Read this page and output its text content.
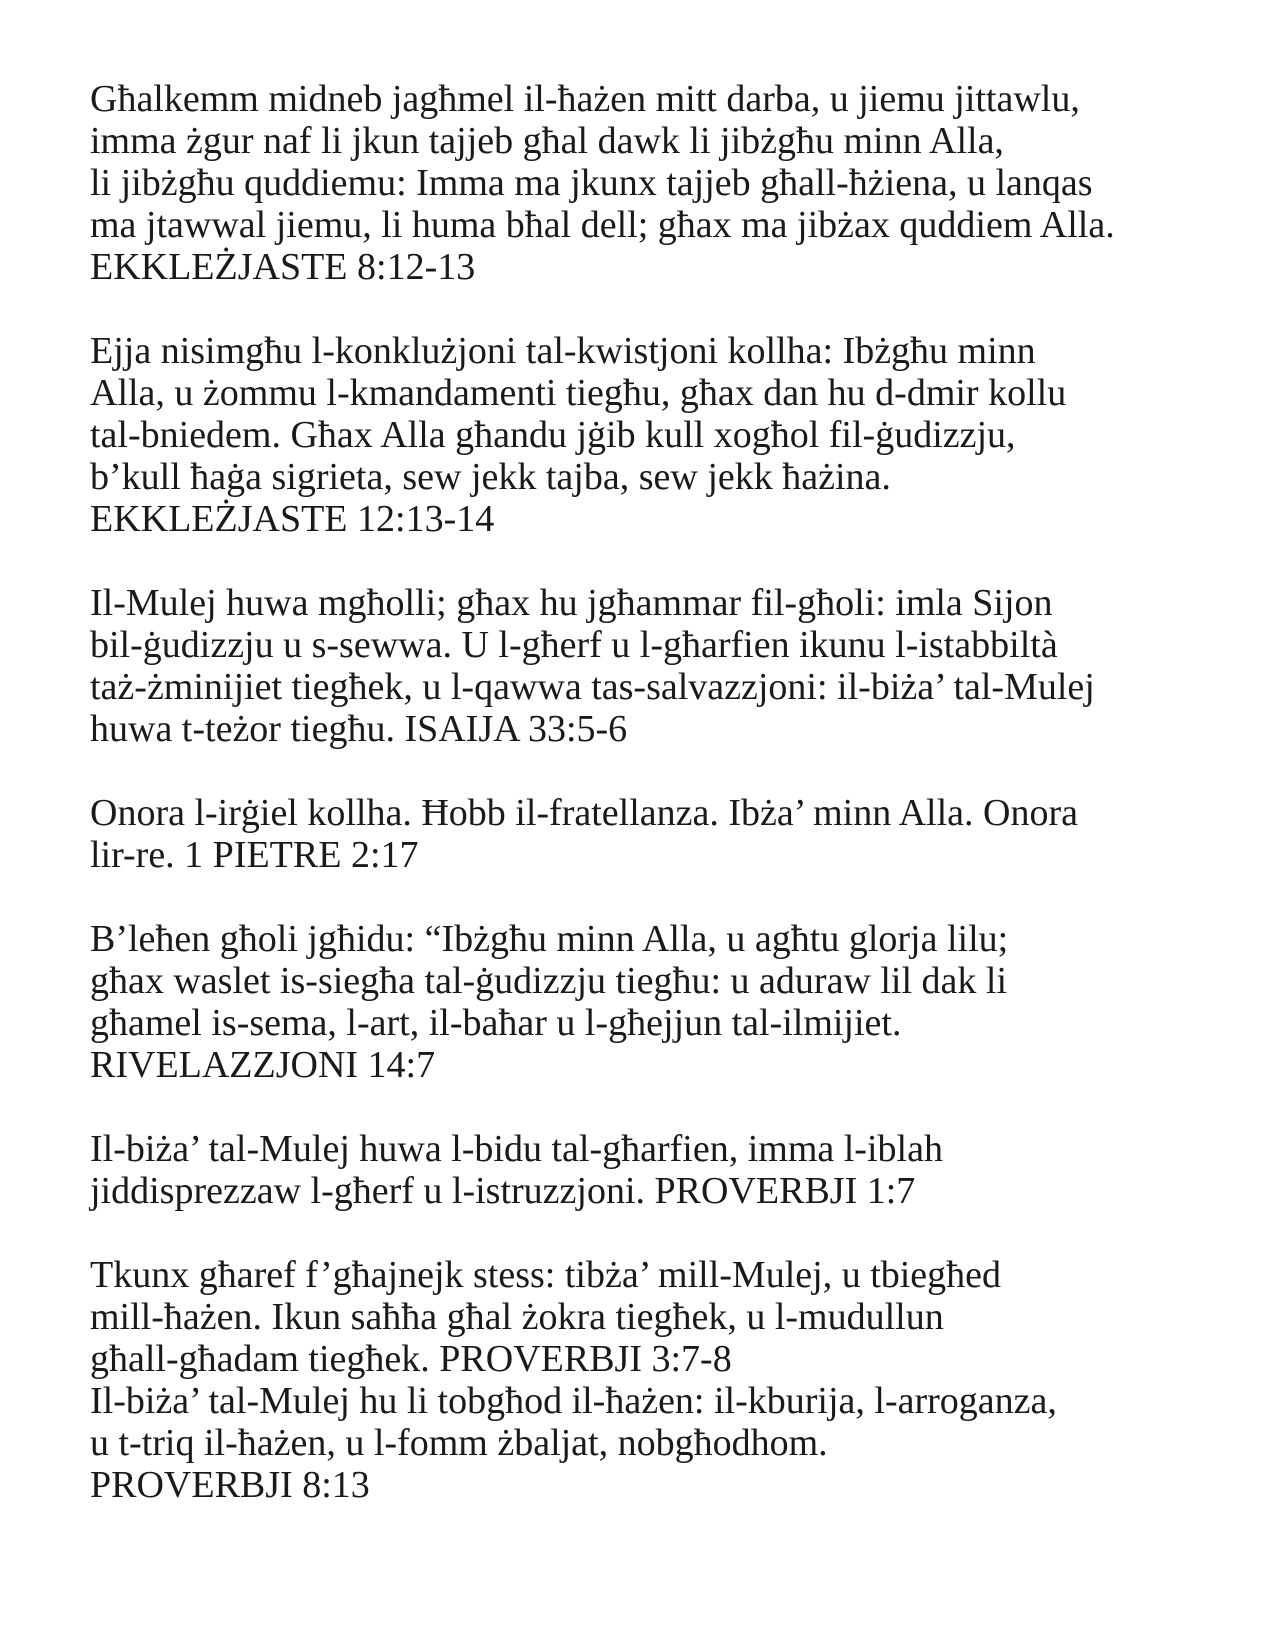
Għalkemm midneb jagħmel il-ħażen mitt darba, u jiemu jittawlu,
imma żgur naf li jkun tajjeb għal dawk li jibżgħu minn Alla,
li jibżgħu quddiemu: Imma ma jkunx tajjeb għall-ħżiena, u lanqas
ma jtawwal jiemu, li huma bħal dell; għax ma jibżax quddiem Alla.
EKKLEŻJASTE 8:12-13
Ejja nisimgħu l-konklużjoni tal-kwistjoni kollha: Ibżgħu minn
Alla, u żommu l-kmandamenti tiegħu, għax dan hu d-dmir kollu
tal-bniedem. Għax Alla għandu jġib kull xogħol fil-ġudizzju,
b’kull ħaġa sigrieta, sew jekk tajba, sew jekk ħażina.
EKKLEŻJASTE 12:13-14
Il-Mulej huwa mgħolli; għax hu jgħammar fil-għoli: imla Sijon
bil-ġudizzju u s-sewwa. U l-għerf u l-għarfien ikunu l-istabbiltà
taż-żminijiet tiegħek, u l-qawwa tas-salvazzjoni: il-biża’ tal-Mulej
huwa t-teżor tiegħu. ISAIJA 33:5-6
Onora l-irġiel kollha. Ħobb il-fratellanza. Ibża’ minn Alla. Onora
lir-re. 1 PIETRE 2:17
B’leħen għoli jgħidu: “Ibżgħu minn Alla, u agħtu glorja lilu;
għax waslet is-siegħa tal-ġudizzju tiegħu: u aduraw lil dak li
għamel is-sema, l-art, il-baħar u l-għejjun tal-ilmijiet.
RIVELAZZJONI 14:7
Il-biża’ tal-Mulej huwa l-bidu tal-għarfien, imma l-iblah
jiddisprezzaw l-għerf u l-istruzzjoni. PROVERBJI 1:7
Tkunx għaref f’għajnejk stess: tibża’ mill-Mulej, u tbiegħed
mill-ħażen. Ikun saħħa għal żokra tiegħek, u l-mudullun
għall-għadam tiegħek. PROVERBJI 3:7-8
Il-biża’ tal-Mulej hu li tobgħod il-ħażen: il-kburija, l-arroganza,
u t-triq il-ħażen, u l-fomm żbaljat, nobgħodhom.
PROVERBJI 8:13
